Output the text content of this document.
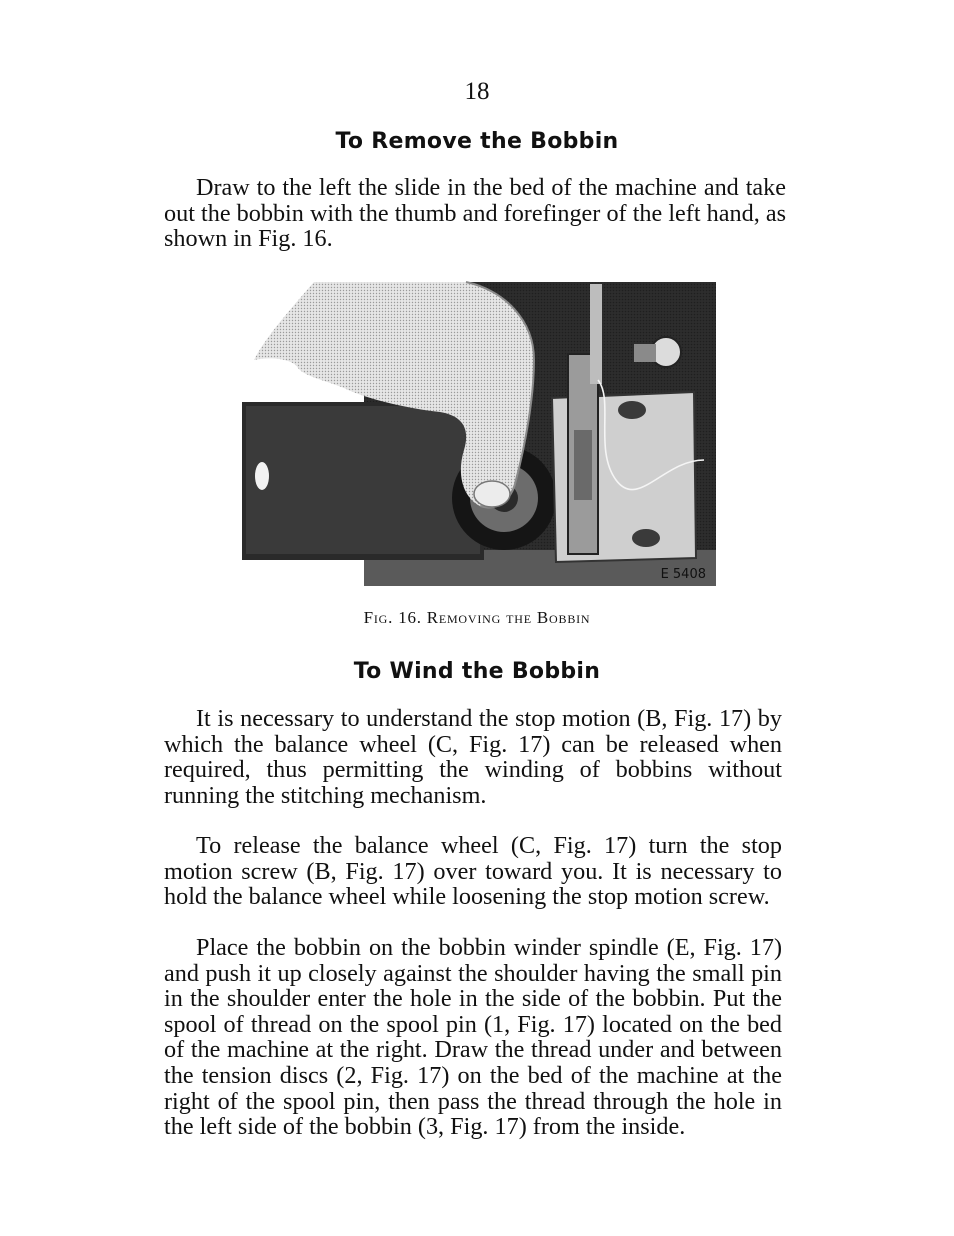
18
To Remove the Bobbin

Draw to the left the slide in the bed of the machine and take out the bobbin with the thumb and forefinger of the left hand, as shown in Fig. 16.

E 5408
Fig. 16. Removing the Bobbin
To Wind the Bobbin

It is necessary to understand the stop motion (B, Fig. 17) by which the balance wheel (C, Fig. 17) can be released when required, thus permitting the winding of bobbins without running the stitching mechanism.

To release the balance wheel (C, Fig. 17) turn the stop motion screw (B, Fig. 17) over toward you. It is necessary to hold the balance wheel while loosening the stop motion screw.

Place the bobbin on the bobbin winder spindle (E, Fig. 17) and push it up closely against the shoulder having the small pin in the shoulder enter the hole in the side of the bobbin. Put the spool of thread on the spool pin (1, Fig. 17) located on the bed of the machine at the right. Draw the thread under and between the tension discs (2, Fig. 17) on the bed of the machine at the right of the spool pin, then pass the thread through the hole in the left side of the bobbin (3, Fig. 17) from the inside.
